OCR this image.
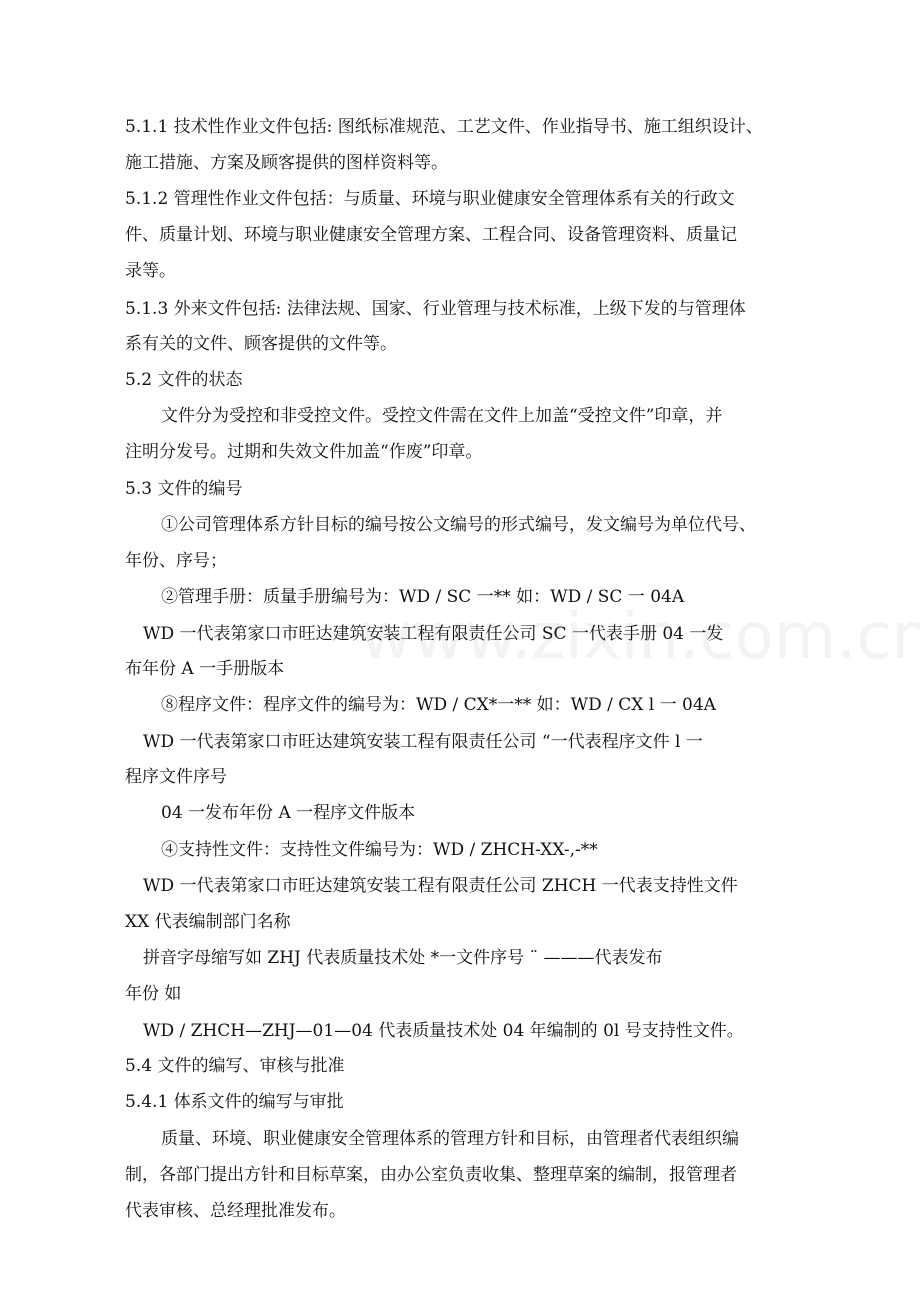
5.1.1 技术性作业文件包括: 图纸标准规范、工艺文件、作业指导书、施工组织设计、
施工措施、方案及顾客提供的图样资料等。
5.1.2 管理性作业文件包括：与质量、环境与职业健康安全管理体系有关的行政文
件、质量计划、环境与职业健康安全管理方案、工程合同、设备管理资料、质量记
录等。
5.1.3 外来文件包括: 法律法规、国家、行业管理与技术标准，上级下发的与管理体
系有关的文件、顾客提供的文件等。
5.2 文件的状态
文件分为受控和非受控文件。受控文件需在文件上加盖“受控文件”印章，并
注明分发号。过期和失效文件加盖“作废”印章。
5.3 文件的编号
①公司管理体系方针目标的编号按公文编号的形式编号，发文编号为单位代号、
年份、序号；
②管理手册：质量手册编号为：WD / SC 一** 如：WD / SC 一 04A
WD 一代表第家口市旺达建筑安装工程有限责任公司 SC 一代表手册 04 一发
布年份 A 一手册版本
⑧程序文件：程序文件的编号为：WD / CX*一** 如：WD / CX l 一 04A
WD 一代表第家口市旺达建筑安装工程有限责任公司 “一代表程序文件 l 一
程序文件序号
04 一发布年份 A 一程序文件版本
④支持性文件：支持性文件编号为：WD / ZHCH-XX-,-**
WD 一代表第家口市旺达建筑安装工程有限责任公司 ZHCH 一代表支持性文件
XX 代表编制部门名称
拼音字母缩写如 ZHJ 代表质量技术处 *一文件序号 ¨ ———代表发布
年份 如
WD / ZHCH—ZHJ—01—04 代表质量技术处 04 年编制的 0l 号支持性文件。
5.4 文件的编写、审核与批准
5.4.1 体系文件的编写与审批
质量、环境、职业健康安全管理体系的管理方针和目标，由管理者代表组织编
制，各部门提出方针和目标草案，由办公室负责收集、整理草案的编制，报管理者
代表审核、总经理批准发布。
